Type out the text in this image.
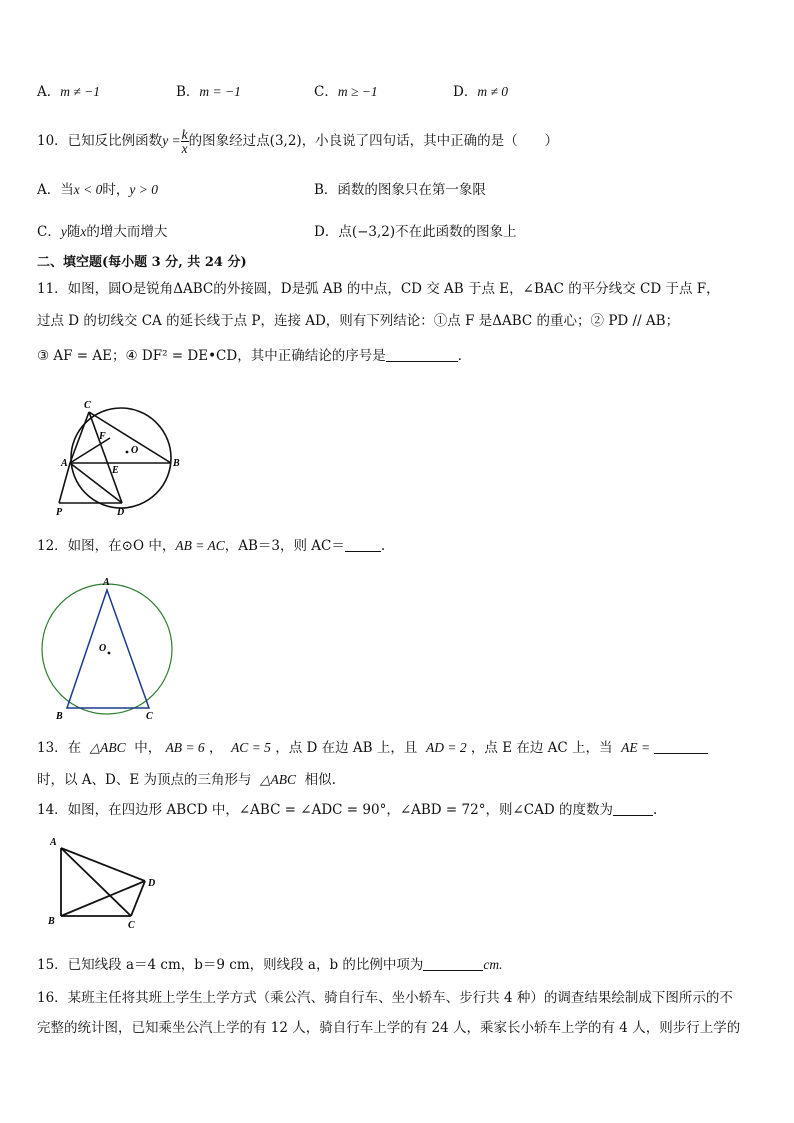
A．m ≠ −1	B．m = −1	C．m ≥ −1	D．m ≠ 0
10．已知反比例函数$y = \frac{k}{x}$ 的图象经过点(3,2)，小良说了四句话，其中正确的是（　　）
A．当x < 0时，y > 0	B．函数的图象只在第一象限
C．y随x的增大而增大	D．点(−3,2)不在此函数的图象上
二、填空题(每小题 3 分, 共 24 分)
11．如图，圆O是锐角ΔABC的外接圆，D是弧 AB 的中点，CD 交 AB 于点 E，∠BAC 的平分线交 CD 于点 F，
过点 D 的切线交 CA 的延长线于点 P，连接 AD，则有下列结论：①点 F 是ΔABC 的重心；② PD // AB；
③ AF = AE；④ DF² = DE•CD，其中正确结论的序号是	．
C
F
O
A
E
B
P	D
12．如图，在⊙O 中，AB = AC，AB＝3，则 AC＝	.
A
O
B	C
13．在 △ABC 中， AB = 6 ， AC = 5 ，点 D 在边 AB 上，且 AD = 2 ，点 E 在边 AC 上，当 AE =
时，以 A、D、E 为顶点的三角形与 △ABC 相似.
14．如图，在四边形 ABCD 中，∠ABC = ∠ADC = 90°，∠ABD = 72°，则∠CAD 的度数为	.
A
D
B	C
15．已知线段 a＝4 cm，b＝9 cm，则线段 a，b 的比例中项为	cm.
16．某班主任将其班上学生上学方式（乘公汽、骑自行车、坐小轿车、步行共 4 种）的调查结果绘制成下图所示的不
完整的统计图，已知乘坐公汽上学的有 12 人，骑自行车上学的有 24 人，乘家长小轿车上学的有 4 人，则步行上学的
